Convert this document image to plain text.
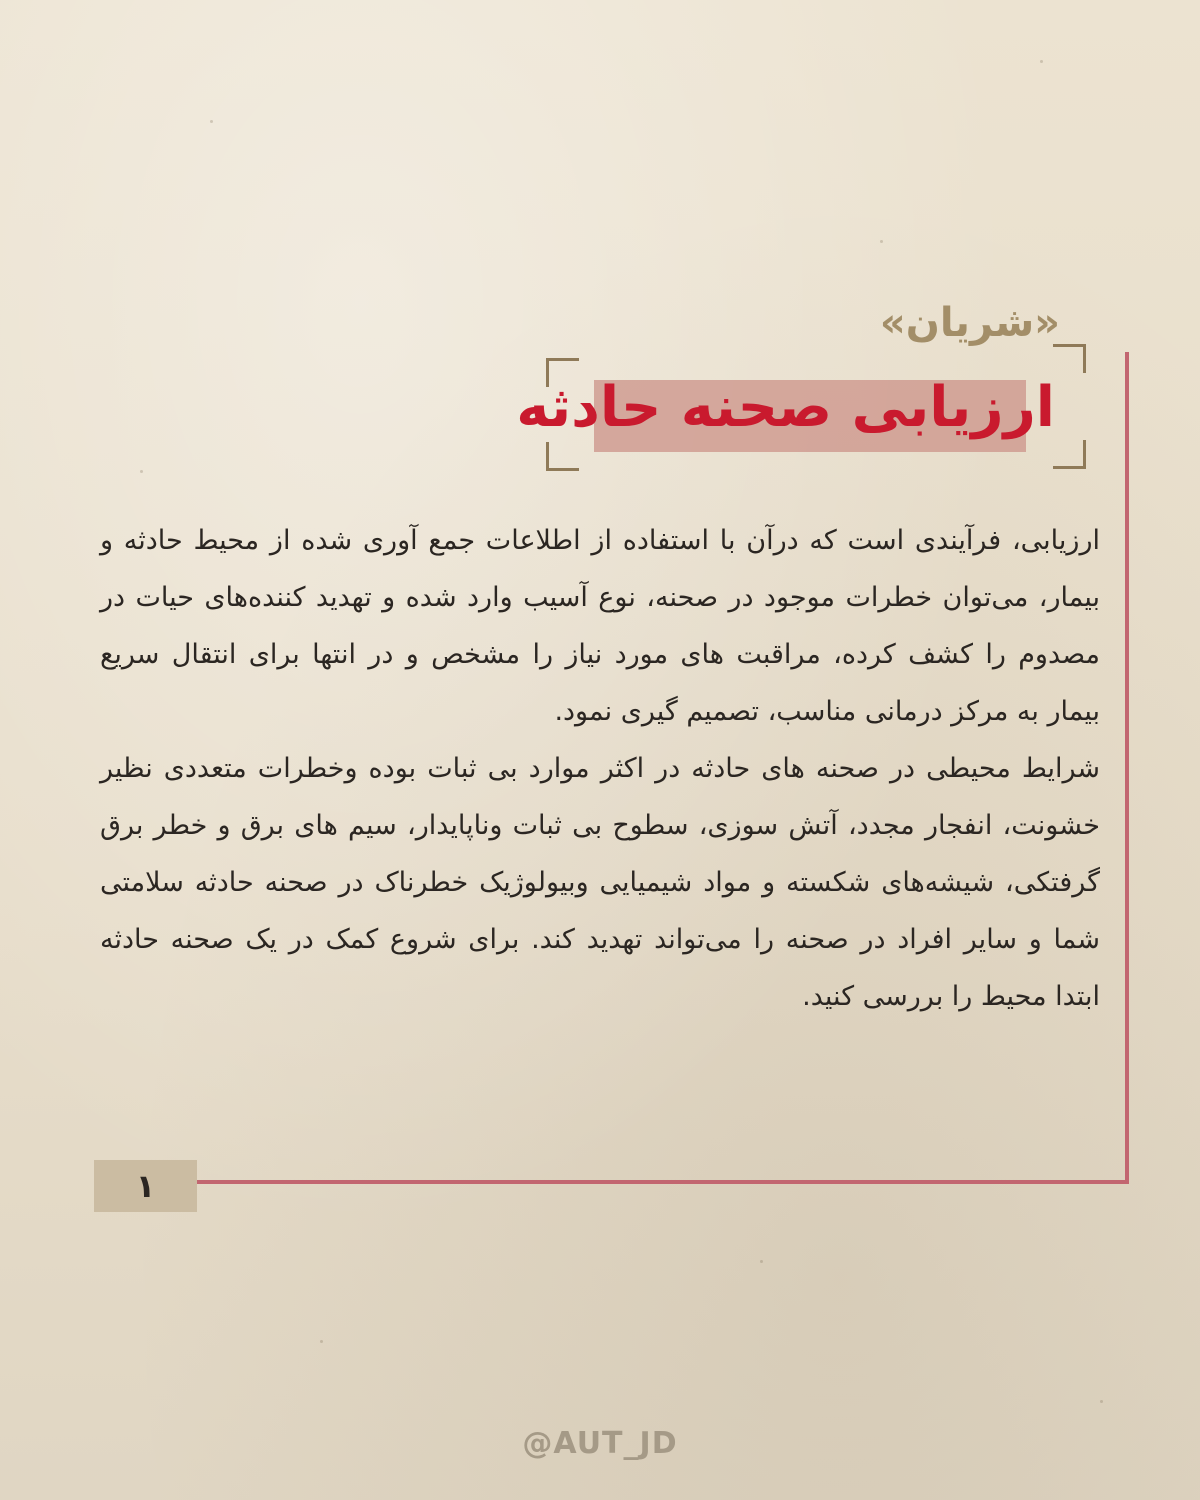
«شریان»
ارزیابی صحنه حادثه

ارزیابی، فرآیندی است که درآن با استفاده از اطلاعات جمع آوری شده از محیط حادثه و بیمار، می‌توان خطرات موجود در صحنه، نوع آسیب وارد شده و تهدید کننده‌های حیات در مصدوم را کشف کرده، مراقبت های مورد نیاز را مشخص و در انتها برای انتقال سریع بیمار به مرکز درمانی مناسب، تصمیم گیری نمود.

شرایط محیطی در صحنه های حادثه در اکثر موارد بی ثبات بوده وخطرات متعددی نظیر خشونت، انفجار مجدد، آتش سوزی، سطوح بی ثبات وناپایدار، سیم های برق و خطر برق گرفتکی، شیشه‌های شکسته و مواد شیمیایی وبیولوژیک خطرناک در صحنه حادثه سلامتی شما و سایر افراد در صحنه را می‌تواند تهدید کند. برای شروع کمک در یک صحنه حادثه ابتدا محیط را بررسی کنید.

۱
@AUT_JD
